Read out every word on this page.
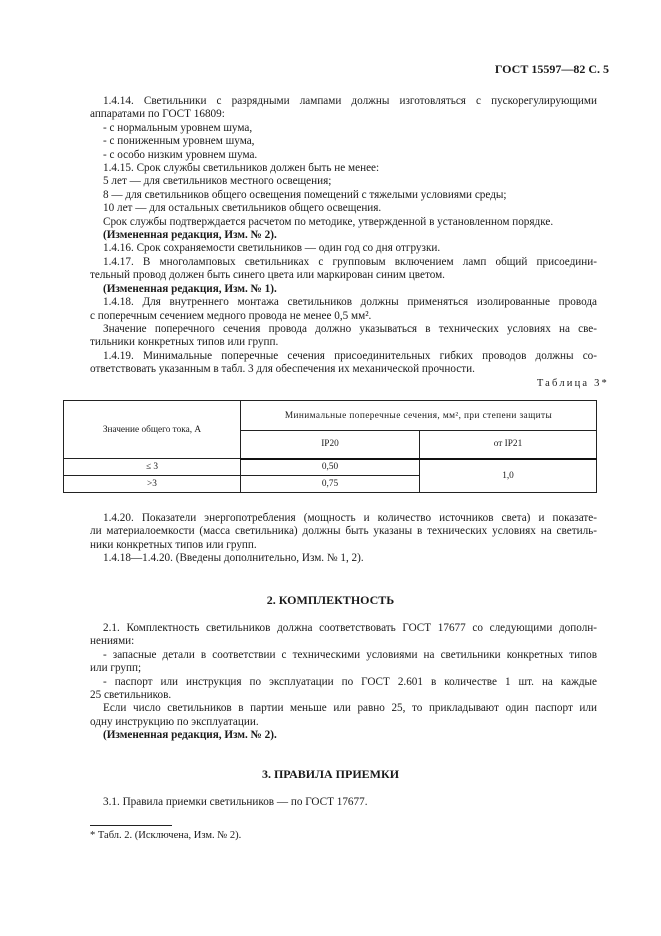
ГОСТ 15597—82 С. 5

1.4.14. Светильники с разрядными лампами должны изготовляться с пускорегулирующими

аппаратами по ГОСТ 16809:

- с нормальным уровнем шума,

- с пониженным уровнем шума,

- с особо низким уровнем шума.

1.4.15. Срок службы светильников должен быть не менее:

5 лет — для светильников местного освещения;

8 — для светильников общего освещения помещений с тяжелыми условиями среды;

10 лет — для остальных светильников общего освещения.

Срок службы подтверждается расчетом по методике, утвержденной в установленном порядке.

(Измененная редакция, Изм. № 2).

1.4.16. Срок сохраняемости светильников — один год со дня отгрузки.

1.4.17. В многоламповых светильниках с групповым включением ламп общий присоедини-

тельный провод должен быть синего цвета или маркирован синим цветом.

(Измененная редакция, Изм. № 1).

1.4.18. Для внутреннего монтажа светильников должны применяться изолированные провода

с поперечным сечением медного провода не менее 0,5 мм².

Значение поперечного сечения провода должно указываться в технических условиях на све-

тильники конкретных типов или групп.

1.4.19. Минимальные поперечные сечения присоединительных гибких проводов должны со-

ответствовать указанным в табл. 3 для обеспечения их механической прочности.

Таблица 3*
Значение общего тока, А	Минимальные поперечные сечения, мм², при степени защиты	
	IP20	от IP21
≤ 3	0,50	1,0
>3	0,75	

1.4.20. Показатели энергопотребления (мощность и количество источников света) и показате-

ли материалоемкости (масса светильника) должны быть указаны в технических условиях на светиль-

ники конкретных типов или групп.

1.4.18—1.4.20. (Введены дополнительно, Изм. № 1, 2).

2. КОМПЛЕКТНОСТЬ

2.1. Комплектность светильников должна соответствовать ГОСТ 17677 со следующими дополн-

нениями:

- запасные детали в соответствии с техническими условиями на светильники конкретных типов

или групп;

- паспорт или инструкция по эксплуатации по ГОСТ 2.601 в количестве 1 шт. на каждые

25 светильников.

Если число светильников в партии меньше или равно 25, то прикладывают один паспорт или

одну инструкцию по эксплуатации.

(Измененная редакция, Изм. № 2).

3. ПРАВИЛА ПРИЕМКИ

3.1. Правила приемки светильников — по ГОСТ 17677.

* Табл. 2. (Исключена, Изм. № 2).
